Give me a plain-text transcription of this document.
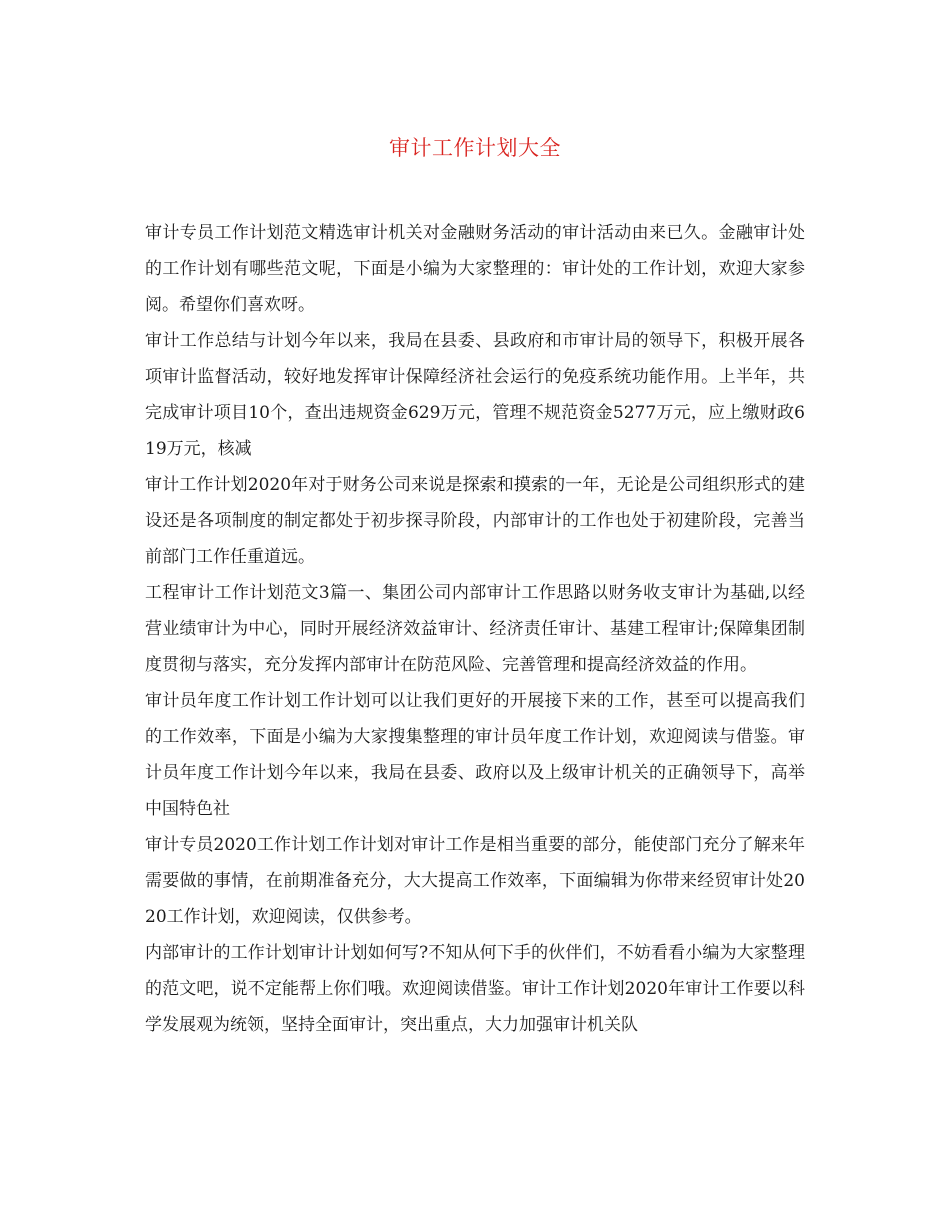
审计工作计划大全

审计专员工作计划范文精选审计机关对金融财务活动的审计活动由来已久。金融审计处的工作计划有哪些范文呢，下面是小编为大家整理的：审计处的工作计划，欢迎大家参阅。希望你们喜欢呀。

审计工作总结与计划今年以来，我局在县委、县政府和市审计局的领导下，积极开展各项审计监督活动，较好地发挥审计保障经济社会运行的免疫系统功能作用。上半年，共完成审计项目10个，查出违规资金629万元，管理不规范资金5277万元，应上缴财政619万元，核减

审计工作计划2020年对于财务公司来说是探索和摸索的一年，无论是公司组织形式的建设还是各项制度的制定都处于初步探寻阶段，内部审计的工作也处于初建阶段，完善当前部门工作任重道远。

工程审计工作计划范文3篇一、集团公司内部审计工作思路以财务收支审计为基础,以经营业绩审计为中心，同时开展经济效益审计、经济责任审计、基建工程审计;保障集团制度贯彻与落实，充分发挥内部审计在防范风险、完善管理和提高经济效益的作用。

审计员年度工作计划工作计划可以让我们更好的开展接下来的工作，甚至可以提高我们的工作效率，下面是小编为大家搜集整理的审计员年度工作计划，欢迎阅读与借鉴。审计员年度工作计划今年以来，我局在县委、政府以及上级审计机关的正确领导下，高举中国特色社

审计专员2020工作计划工作计划对审计工作是相当重要的部分，能使部门充分了解来年需要做的事情，在前期准备充分，大大提高工作效率，下面编辑为你带来经贸审计处2020工作计划，欢迎阅读，仅供参考。

内部审计的工作计划审计计划如何写?不知从何下手的伙伴们，不妨看看小编为大家整理的范文吧，说不定能帮上你们哦。欢迎阅读借鉴。审计工作计划2020年审计工作要以科学发展观为统领，坚持全面审计，突出重点，大力加强审计机关队
